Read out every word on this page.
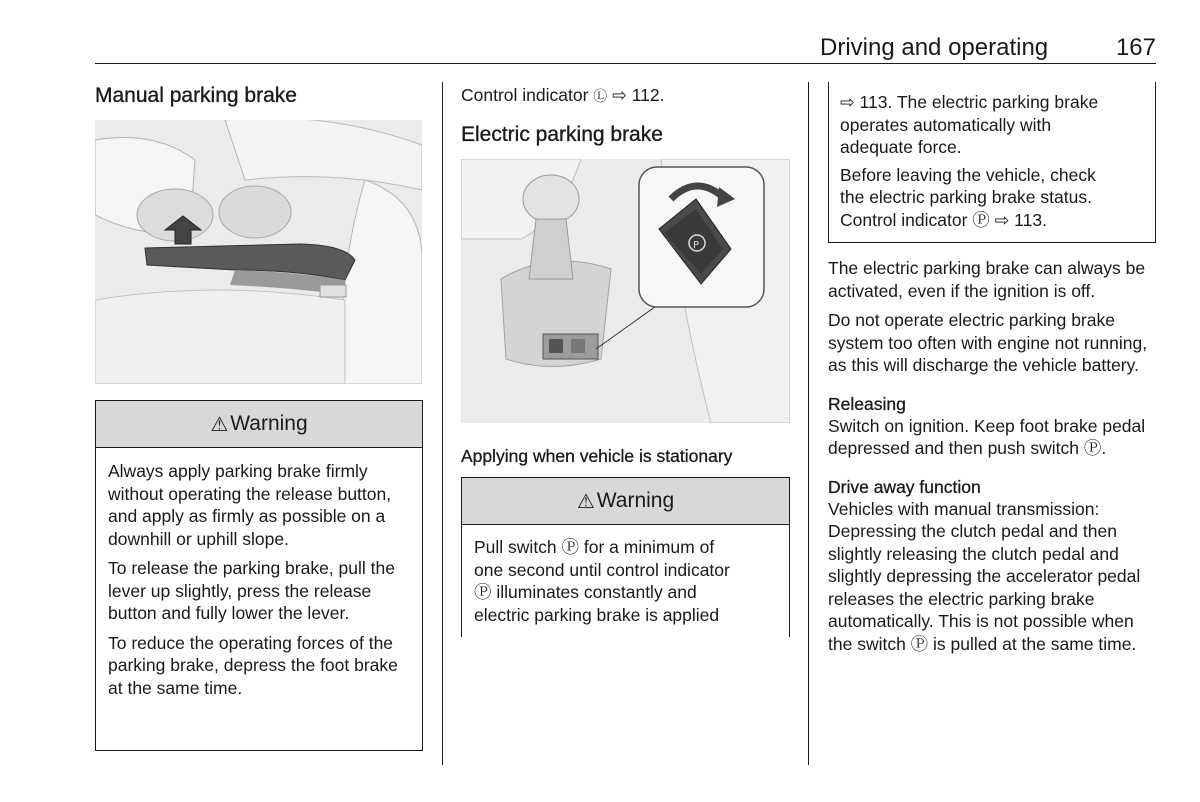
Driving and operating	167
Manual parking brake
⚠ Warning

Always apply parking brake firmly without operating the release button, and apply as firmly as possible on a downhill or uphill slope.

To release the parking brake, pull the lever up slightly, press the release button and fully lower the lever.

To reduce the operating forces of the parking brake, depress the foot brake at the same time.

Control indicator Ⓛ ⇨ 112.
Electric parking brake
P
Applying when vehicle is stationary
⚠ Warning
Pull switch Ⓟ for a minimum of
one second until control indicator
Ⓟ illuminates constantly and
electric parking brake is applied
⇨ 113. The electric parking brake
operates automatically with
adequate force.
Before leaving the vehicle, check
the electric parking brake status.
Control indicator Ⓟ ⇨ 113.

The electric parking brake can always be activated, even if the ignition is off.

Do not operate electric parking brake system too often with engine not running, as this will discharge the vehicle battery.

Releasing

Switch on ignition. Keep foot brake pedal depressed and then push switch Ⓟ.

Drive away function

Vehicles with manual transmission: Depressing the clutch pedal and then slightly releasing the clutch pedal and slightly depressing the accelerator pedal releases the electric parking brake automatically. This is not possible when the switch Ⓟ is pulled at the same time.
